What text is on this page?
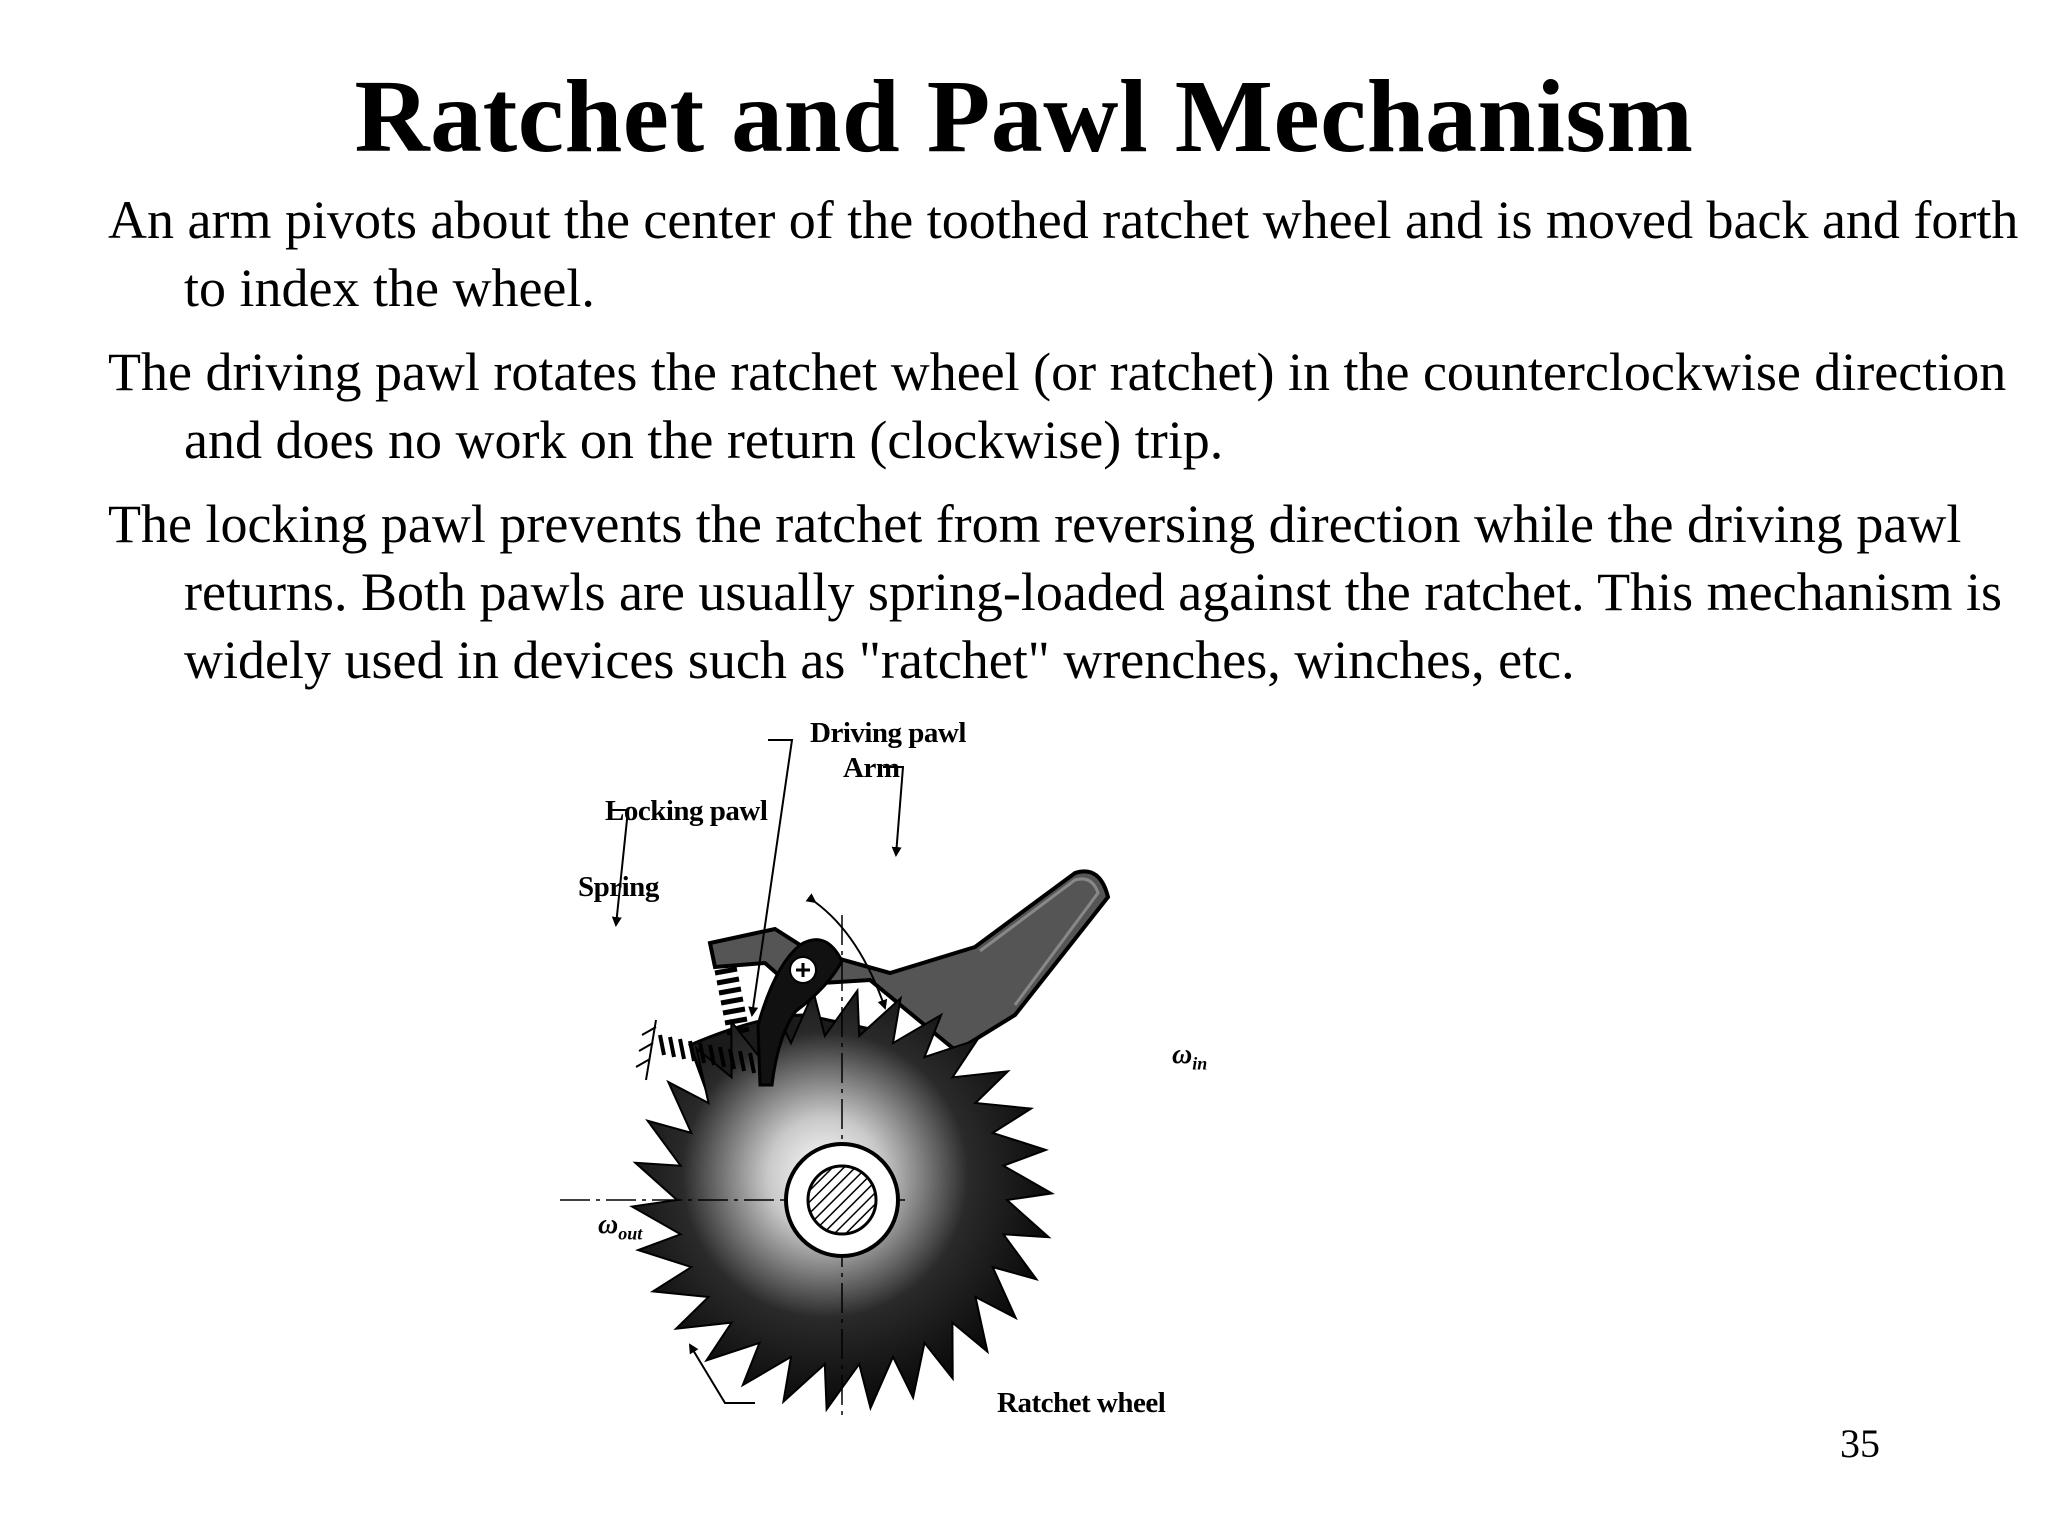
Ratchet and Pawl Mechanism

An arm pivots about the center of the toothed ratchet wheel and is moved back and forth to index the wheel.

The driving pawl rotates the ratchet wheel (or ratchet) in the counterclockwise direction and does no work on the return (clockwise) trip.

The locking pawl prevents the ratchet from reversing direction while the driving pawl returns. Both pawls are usually spring-loaded against the ratchet. This mechanism is widely used in devices such as "ratchet" wrenches, winches, etc.

Driving pawl
Arm
Locking pawl
Spring
Ratchet wheel
$\omega_{in}$
$\omega_{out}$
35
